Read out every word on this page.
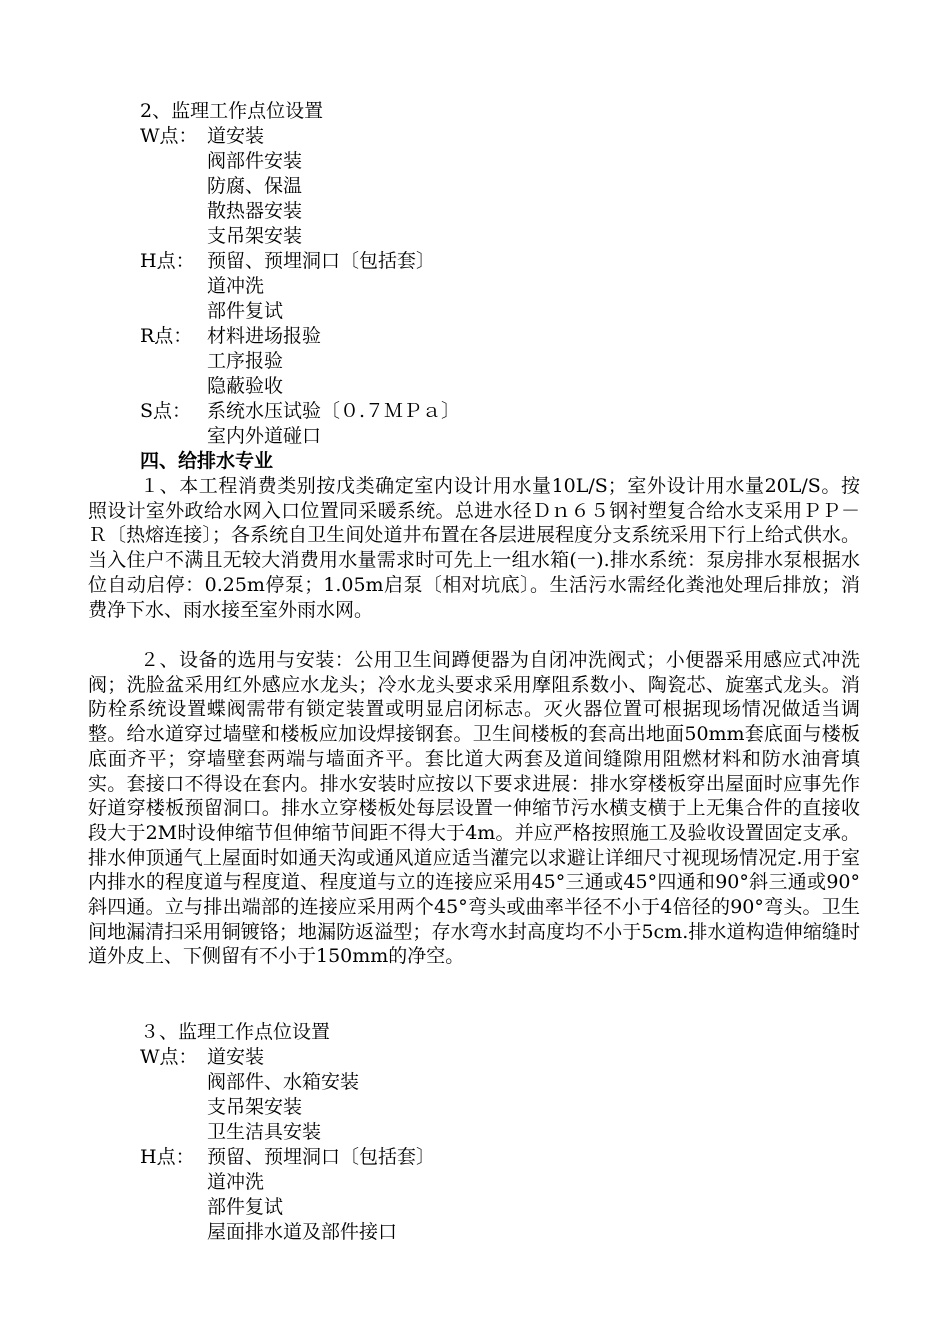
2、监理工作点位设置
W点： 道安装
阀部件安装
防腐、保温
散热器安装
支吊架安装
H点： 预留、预埋洞口〔包括套〕
道冲洗
部件复试
R点： 材料进场报验
工序报验
隐蔽验收
S点： 系统水压试验〔０.７ＭＰａ〕
室内外道碰口
四、给排水专业
１、本工程消费类别按戊类确定室内设计用水量10L/S；室外设计用水量20L/S。按照设计室外政给水网入口位置同采暖系统。总进水径Ｄｎ６５钢衬塑复合给水支采用ＰＰ－Ｒ〔热熔连接〕；各系统自卫生间处道井布置在各层进展程度分支系统采用下行上给式供水。当入住户不满且无较大消费用水量需求时可先上一组水箱(一).排水系统：泵房排水泵根据水位自动启停：0.25m停泵；1.05m启泵〔相对坑底〕。生活污水需经化粪池处理后排放；消费净下水、雨水接至室外雨水网。
２、设备的选用与安装：公用卫生间蹲便器为自闭冲洗阀式；小便器采用感应式冲洗阀；洗脸盆采用红外感应水龙头；冷水龙头要求采用摩阻系数小、陶瓷芯、旋塞式龙头。消防栓系统设置蝶阀需带有锁定装置或明显启闭标志。灭火器位置可根据现场情况做适当调整。给水道穿过墙壁和楼板应加设焊接钢套。卫生间楼板的套高出地面50mm套底面与楼板底面齐平；穿墙壁套两端与墙面齐平。套比道大两套及道间缝隙用阻燃材料和防水油膏填实。套接口不得设在套内。排水安装时应按以下要求进展：排水穿楼板穿出屋面时应事先作好道穿楼板预留洞口。排水立穿楼板处每层设置一伸缩节污水横支横于上无集合件的直接收段大于2M时设伸缩节但伸缩节间距不得大于4m。并应严格按照施工及验收设置固定支承。排水伸顶通气上屋面时如通天沟或通风道应适当灌完以求避让详细尺寸视现场情况定.用于室内排水的程度道与程度道、程度道与立的连接应采用45°三通或45°四通和90°斜三通或90°斜四通。立与排出端部的连接应采用两个45°弯头或曲率半径不小于4倍径的90°弯头。卫生间地漏清扫采用铜镀铬；地漏防返溢型；存水弯水封高度均不小于5cm.排水道构造伸缩缝时道外皮上、下侧留有不小于150mm的净空。
３、监理工作点位设置
W点： 道安装
阀部件、水箱安装
支吊架安装
卫生洁具安装
H点： 预留、预埋洞口〔包括套〕
道冲洗
部件复试
屋面排水道及部件接口
